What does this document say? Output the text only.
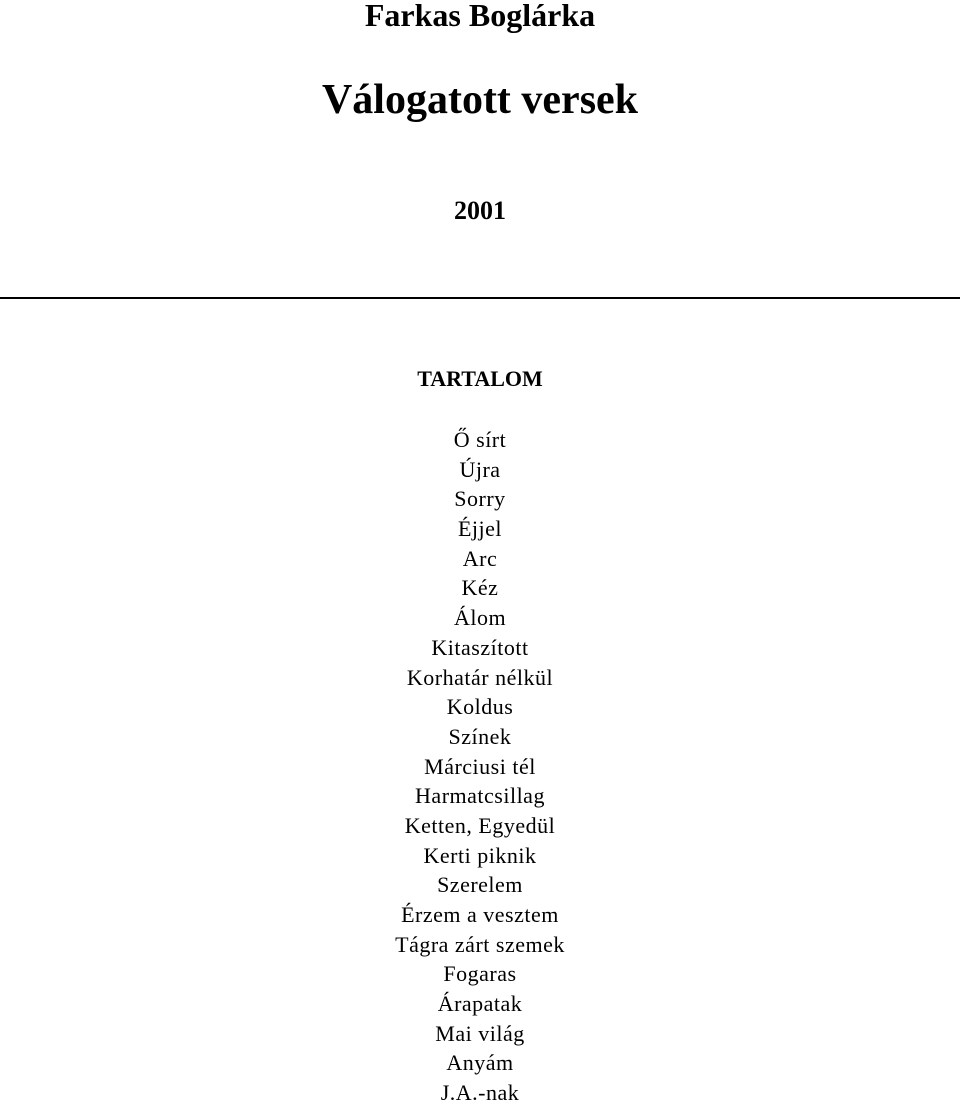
Farkas Boglárka
Válogatott versek
2001
TARTALOM
Ő sírt
Újra
Sorry
Éjjel
Arc
Kéz
Álom
Kitaszított
Korhatár nélkül
Koldus
Színek
Márciusi tél
Harmatcsillag
Ketten, Egyedül
Kerti piknik
Szerelem
Érzem a vesztem
Tágra zárt szemek
Fogaras
Árapatak
Mai világ
Anyám
J.A.-nak
